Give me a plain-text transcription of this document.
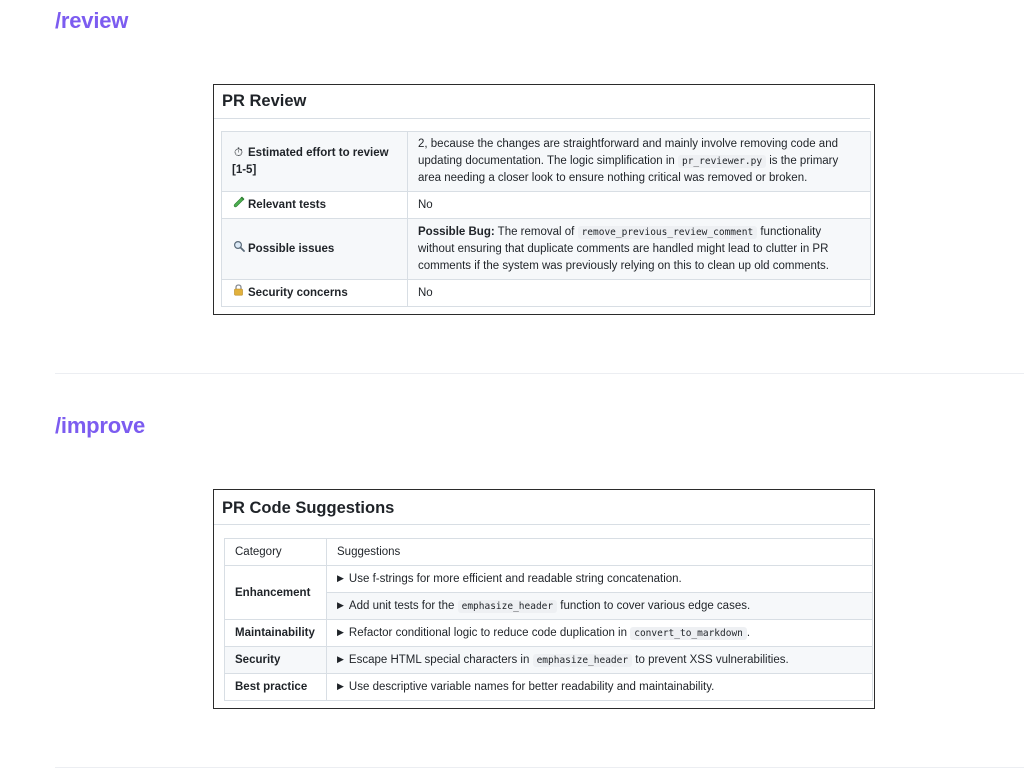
/review
PR Review
⏱ Estimated effort to review [1-5]	2, because the changes are straightforward and mainly involve removing code and updating documentation. The logic simplification in pr_reviewer.py is the primary area needing a closer look to ensure nothing critical was removed or broken.
Relevant tests	No
Possible issues	Possible Bug: The removal of remove_previous_review_comment functionality without ensuring that duplicate comments are handled might lead to clutter in PR comments if the system was previously relying on this to clean up old comments.
Security concerns	No
/improve
PR Code Suggestions
Category	Suggestions
Enhancement	▶ Use f-strings for more efficient and readable string concatenation.
	▶ Add unit tests for the emphasize_header function to cover various edge cases.
Maintainability	▶ Refactor conditional logic to reduce code duplication in convert_to_markdown .
Security	▶ Escape HTML special characters in emphasize_header to prevent XSS vulnerabilities.
Best practice	▶ Use descriptive variable names for better readability and maintainability.
